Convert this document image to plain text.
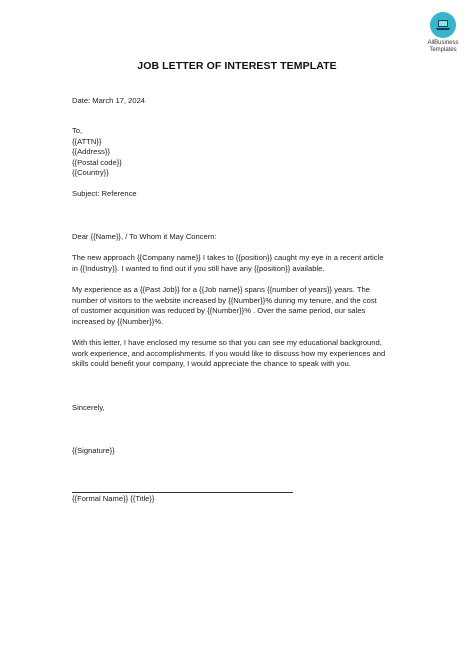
AllBusiness
Templates
JOB LETTER OF INTEREST TEMPLATE
Date: March 17, 2024
To,
{{ATTN}}
{{Address}}
{{Postal code}}
{{Country}}
Subject: Reference
Dear {{Name}}, / To Whom it May Concern:
The new approach {{Company name}} I takes to {{position}} caught my eye in a recent article
in {{Industry}}. I wanted to find out if you still have any {{position}} available.
My experience as a {{Past Job}} for a {{Job name}} spans {{number of years}} years. The
number of visitors to the website increased by {{Number}}% during my tenure, and the cost
of customer acquisition was reduced by {{Number}}% . Over the same period, our sales
increased by {{Number}}%.
With this letter, I have enclosed my resume so that you can see my educational background,
work experience, and accomplishments. If you would like to discuss how my experiences and
skills could benefit your company, I would appreciate the chance to speak with you.
Sincerely,
{{Signature}}
{{Formal Name}} {{Title}}
